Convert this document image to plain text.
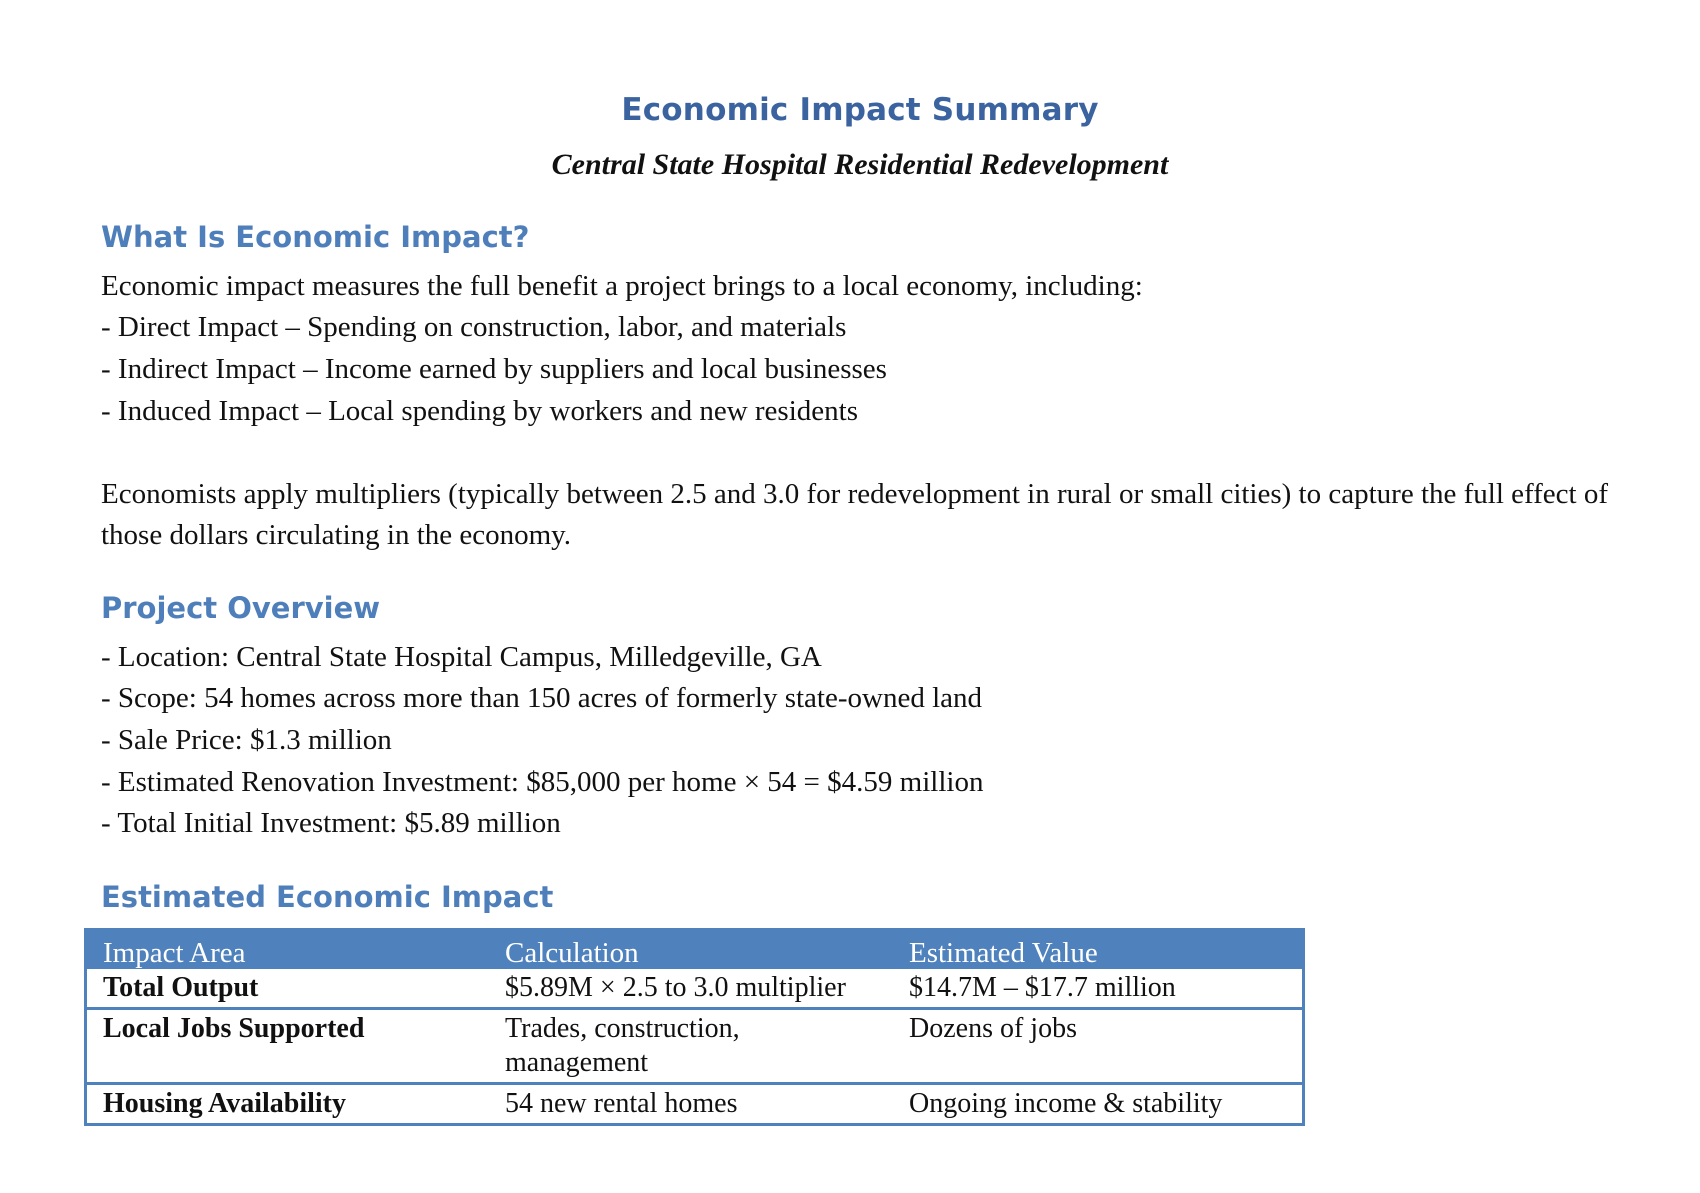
Economic Impact Summary
Central State Hospital Residential Redevelopment
What Is Economic Impact?
Economic impact measures the full benefit a project brings to a local economy, including:
- Direct Impact – Spending on construction, labor, and materials
- Indirect Impact – Income earned by suppliers and local businesses
- Induced Impact – Local spending by workers and new residents
Economists apply multipliers (typically between 2.5 and 3.0 for redevelopment in rural or small cities) to capture the full effect of those dollars circulating in the economy.
Project Overview
- Location: Central State Hospital Campus, Milledgeville, GA
- Scope: 54 homes across more than 150 acres of formerly state-owned land
- Sale Price: $1.3 million
- Estimated Renovation Investment: $85,000 per home × 54 = $4.59 million
- Total Initial Investment: $5.89 million
Estimated Economic Impact
Impact Area	Calculation	Estimated Value
Total Output	$5.89M × 2.5 to 3.0 multiplier	$14.7M – $17.7 million
Local Jobs Supported	Trades, construction, management	Dozens of jobs
Housing Availability	54 new rental homes	Ongoing income & stability
